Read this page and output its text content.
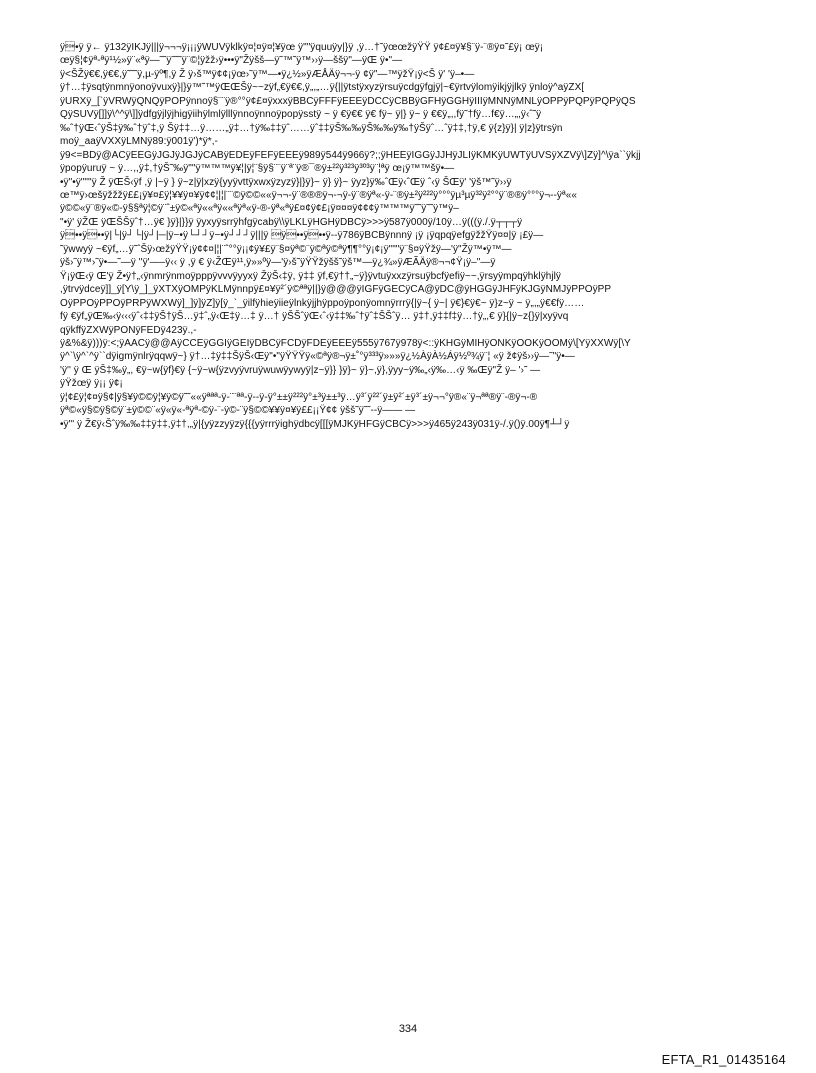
ÿ•ÿ ÿ← ÿ132ÿIKJÿ|||ÿ¬¬¬ÿ¡¡¡ÿWUVÿklkÿ¤¦¤ÿ¤¦¥ÿœ ÿ""ÿquuÿy|}ÿ ,ÿ…†˜ÿœœžÿŸŸ ÿ¢£¤ÿ¥§¨ÿ-¨®ÿ¤˜£ÿ¡ œÿ¡
œÿ§¦¢ÿª-ªÿ¹½»ÿ¨«ªÿ—˜˜ÿ˜˜˜ÿ¨©¦ÿžž›ÿ•••ÿ"Žÿšš—ÿ˜™˜ÿ™››ÿ—ššÿ"—ÿŒ ÿ•"—
ÿ<ŠŽÿ€€,ÿ€€,ÿ˜˜˜ÿ,µ-ÿº¶,ÿ Ž ÿ›š™ÿ¢¢¡ÿœ›˜ÿ™—•ÿ¿½»ÿÆÅÄÿ¬¬-ÿ ¢ÿ"—™ÿžŸ¡ÿ<Š ÿ' 'ÿ–•—
ÿ†…‡ÿsqtÿnmnÿonoÿvuxÿ}|}ÿ™˜™ÿŒŒŠÿ~~zÿf„€ÿ€€,ÿ„,„…ÿ{||ÿtstÿxyzÿrsuÿcdgÿfgjÿ|~€ÿrtvÿlomÿikjÿjlkÿ ÿnloÿ^aÿZX[
ÿURXÿ_[`ÿVRWÿQNQÿPOPÿnnoÿ§¨¨ÿ®°°ÿ¢£¤ÿxxxÿBBCÿFFFÿEEEÿDCCÿCBBÿGFHÿGGHÿIIIÿMNNÿMNLÿOPPÿPQPÿPQPÿQS
QÿSUVÿ[]]ÿ\^^ÿ\]]ÿdfgÿjlÿjhigÿiihÿlmlÿlllÿnnoÿnnoÿpopÿsstÿ ~ ÿ €ÿ€€ ÿ€ fÿ~ ÿ|} ÿ~ ÿ €€ÿ„,,fÿ˜†fÿ…f€ÿ…„,ÿ‹ˆ˜ÿ
‰ˆ†ÿŒ‹ˆÿŠ‡ÿ‰ˆ†ÿˆ‡,ÿ Šÿ‡‡…ÿ……„ÿ‡…†ÿ‰‡‡ÿˆ……ÿˆ‡‡ÿŠ‰‰ÿŠ‰‰ÿ‰†ÿŠÿˆ…ˆÿ‡‡,†ÿ,€ ÿ{z}ÿ}| ÿ|z}ÿtrsÿn
moÿ_aaÿVXXÿLMNÿ89:ÿ001ÿ')*ÿ*,-
ÿ9<=BDÿ@ACÿEEGÿJGJÿJGJÿCABÿEDEÿFEFÿEEEÿ989ÿ544ÿ966ÿ?;;ÿHEEÿIGGÿJJHÿJLIÿKMKÿUWTÿUVSÿXZVÿ\]Zÿ]^\ÿa``ÿkjj
ÿpopÿuruÿ ~ ÿ…,,ÿ‡,†ÿŠ˜‰ÿ""ÿ™™™ÿ¥¦|ÿ¦¨§ÿ§¨¨ÿ¨ª¨ÿ®¯®ÿ±²²ÿ³²³ÿ³º³ÿ¨¦ªÿ œ¡ÿ™™šÿ•—
•ÿ"•ÿ"""ÿ Ž ÿŒŠ‹ÿf ,ÿ |~ÿ } ÿ~z|ÿ|xzÿ{yyÿvttÿxwxÿzyzÿ}|}ÿ}~ ÿ} ÿ}~ ÿyz}ÿ‰ˆŒÿ‹ˆŒÿ ˆ‹ÿ ŠŒÿ' 'ÿš™˜ÿ››ÿ
œ™ÿ›œšÿžžžÿ££¡ÿ¥¤£ÿ¦¥¥ÿ¤¥ÿ¢¢¦|¦|¨¨©ÿ©©««ÿ¬¬-ÿ¨®®®ÿ¬-¬ÿ-ÿ¨®ÿª«-ÿ-¨®ÿ±²ÿ²²²ÿ°°°ÿµ³µÿ³²ÿ²°°ÿ¨®®ÿ°°°ÿ¬--ÿª««
ÿ©©«ÿ¨®ÿ«©-ÿ§§ªÿ¦©ÿ¨ˆ±ÿ©«ªÿ««ªÿ««ªÿª«ÿ-®-ÿª«ªÿ£¤¢ÿ¢£¡ÿ¤¤¤ÿ¢¢¢ÿ™™™ÿ˜˜ÿ˜˜ÿ™ÿ–
"•ÿ' ÿŽŒ ÿŒŠŠÿˆ†…ÿ€ }ÿ}|}}ÿ ÿyxyÿsrrÿhfgÿcabÿ\\ÿLKLÿHGHÿDBCÿ>>>ÿ587ÿ000ÿ/10ÿ…ÿ(((ÿ./.ÿ┬┬┬ÿ
ÿ••ÿ••ÿ|└|ÿ┘└|ÿ┘|─|ÿ−•ÿ└┘┘ÿ−•ÿ┘┘┘ÿ|||ÿ ÿ••ÿ••ÿ--ÿ786ÿBCBÿnnnÿ ¡ÿ ¡ÿqpqÿefgÿžžŸÿ¤¤|ÿ ¡£ÿ—
˜ÿwwyÿ ~€ÿf„…ÿ˜ˆŠÿ›œžÿŸŸ¡ÿ¢¢¤|¦|¨ˆ°°ÿ¡¡¢ÿ¥£ÿ¨§¤ÿª©¨ÿ©ªÿ©ªÿ¶¶°°ÿ¡¢¡ÿ"""ÿ¨§¤ÿŸžÿ—'ÿ"Žÿ™•ÿ™—
ÿš›˜ÿ™›˜ÿ•—˜—ÿ ''ÿ'—–ÿ‹‹ ÿ ,ÿ € ÿ‹ŽŒÿ¹¹,ÿ»»ºÿ—'ÿ›š˜ÿŸŸžÿšš˜ÿš™—ÿ¿¾»ÿÆÃÄÿ®¬¬¢Ÿ¡ÿ–"—ÿ
Ÿ¡ÿŒ‹ÿ Œ'ÿ Ž•ÿ†„‹ÿnmrÿnmoÿpppÿvvvÿyyxÿ ŽÿŠ‹‡ÿ, ÿ‡‡ ÿf,€ÿ††„~ÿ}ÿvtuÿxxzÿrsuÿbcfÿefiÿ~~,ÿrsyÿmpqÿhklÿhjlÿ
,ÿtrvÿdceÿ]]_ÿ[Y\ÿ_]_ÿXTXÿOMPÿKLMÿnnpÿ£¤¥ÿ²´ÿ©ªªÿ||}ÿ@@@ÿIGFÿGECÿCA@ÿDC@ÿHGGÿJHFÿKJGÿNMJÿPPOÿPP
OÿPPOÿPPOÿPRPÿWXWÿ]_]ÿ]ÿZ]ÿ[ÿ_`_ÿilfÿhieÿiieÿlnkÿjjhÿppoÿponÿomnÿrrrÿ{|ÿ~{ ÿ~| ÿ€}€ÿ€~ ÿ}z~ÿ ~ ÿ„,„ÿ€€fÿ……
fÿ €ÿf„ÿŒ‰‹ÿ‹‹‹ÿˆ‹‡‡ÿŠ†ÿŠ…ÿ‡ˆ„ÿ‹Œ‡ÿ…‡ ÿ…† ÿŠŠˆÿŒ‹ˆ‹ÿ‡‡‰ˆ†ÿˆ‡ŠŠˆÿ… ÿ‡†,ÿ‡‡f‡ÿ…†ÿ„,€ ÿ}{|ÿ~z{}ÿ|xyÿvq
qÿkffÿZXWÿPONÿFEDÿ423ÿ.,-
ÿ&%&ÿ)))ÿ:<;ÿAACÿ@@AÿCCEÿGGIÿGEIÿDBCÿFCDÿFDEÿEEEÿ555ÿ767ÿ978ÿ<::ÿKHGÿMIHÿONKÿOOKÿOOMÿ\[YÿXXWÿ[\Y
ÿ^`\ÿ^`^ÿ``dÿigmÿnlrÿqqwÿ~} ÿ†…‡ÿ‡‡ŠÿŠ‹Œÿ"•"ÿŸŸŸÿ«©ªÿ®¬ÿ±˚°ÿ³³³ÿ»»»ÿ¿½ÀÿÀ½Áÿ½º¾ÿ¨¦ «ÿ ž¢ÿš››ÿ—˜"ÿ•—
'ÿ'' ÿ Œ ÿŠ‡‰ÿ„, €ÿ~w{ÿf}€ÿ {~ÿ~w{ÿzvyÿvruÿwuwÿywyÿ|z~ÿ}} }ÿ}~ ÿ}~,ÿ},ÿyy~ÿ‰„‹ÿ‰…‹ÿ ‰Œÿ"Ž ÿ– '›˜ —
ÿŸžœÿ ÿ¡¡ ÿ¢¡
ÿ¦¢£ÿ¦¢¤ÿ§¢|ÿ§¥ÿ©©ÿ¦¥ÿ©ÿ˜˜««ÿªªª-ÿ-¨¨ªª-ÿ--ÿ-ÿ°±±ÿ²²²ÿ°±³ÿ±±³ÿ…ÿ³´ÿ²²´ÿ±ÿ²´±ÿ³´±ÿ¬¬°ÿ®«¨ÿ¬ªª®ÿ¨-®ÿ¬-®
ÿª©«ÿ§©ÿ§©ÿ¨±ÿ©©¨«ÿ«ÿ«-ªÿª-©ÿ-¨-ÿ©-¨ÿ§©©¥¥ÿ¤¥ÿ££¡¡Ÿ¢¢ ÿšš˜ÿ˜˜--ÿ—— —
•ÿ"' ÿ Ž€ÿ‹Šˆÿ‰‰‡‡ÿ‡‡,ÿ‡†,„ÿ|{yÿzzyÿzÿ{{{yÿrrrÿighÿdbcÿ[[[ÿMJKÿHFGÿCBCÿ>>>ÿ465ÿ243ÿ031ÿ-/.ÿ()ÿ.00ÿ¶┴┘ÿ
334
EFTA_R1_01435164
